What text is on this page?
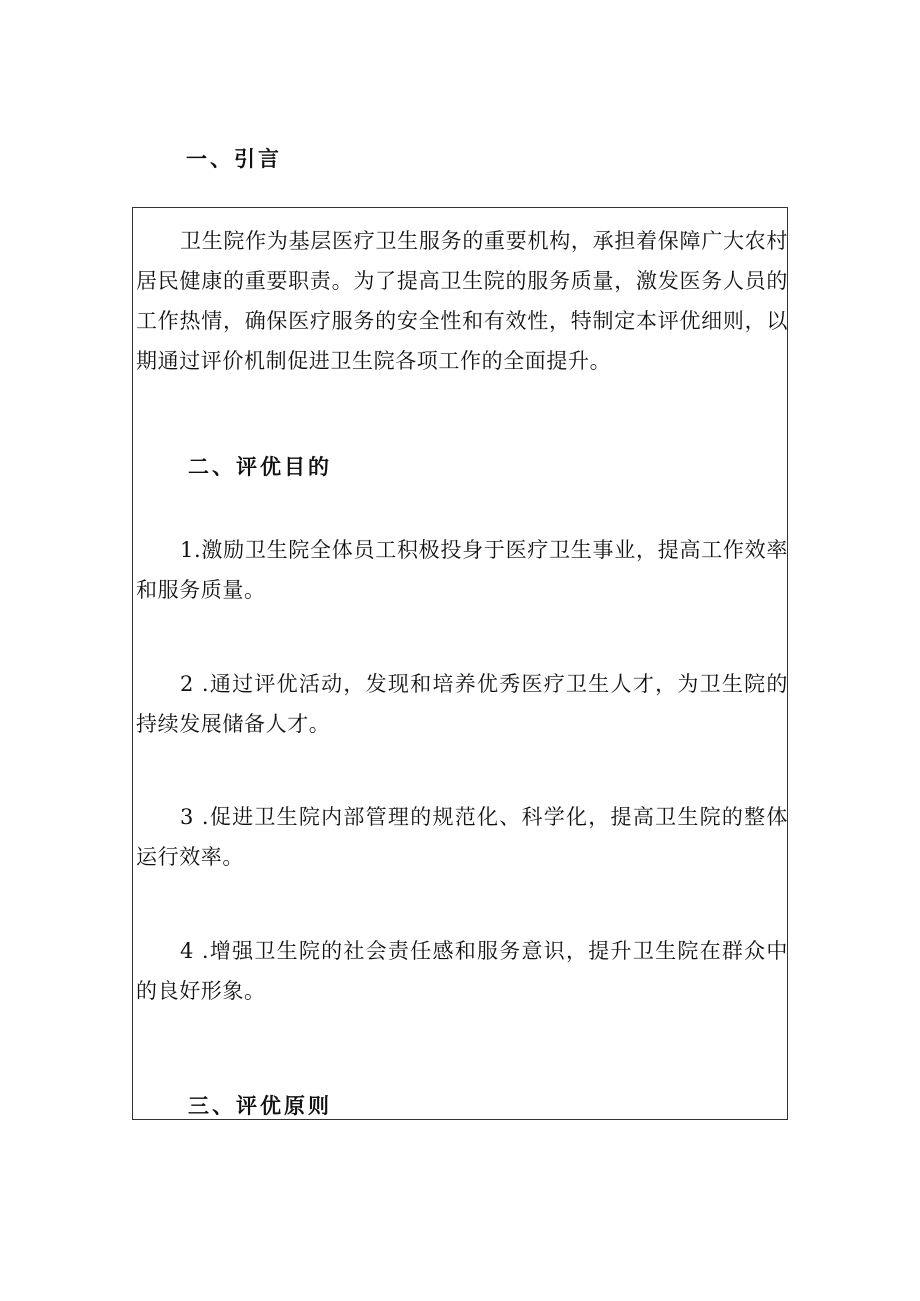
一、引言

卫生院作为基层医疗卫生服务的重要机构，承担着保障广大农村居民健康的重要职责。为了提高卫生院的服务质量，激发医务人员的工作热情，确保医疗服务的安全性和有效性，特制定本评优细则，以期通过评价机制促进卫生院各项工作的全面提升。

二、评优目的

1.激励卫生院全体员工积极投身于医疗卫生事业，提高工作效率和服务质量。

2 .通过评优活动，发现和培养优秀医疗卫生人才，为卫生院的持续发展储备人才。

3 .促进卫生院内部管理的规范化、科学化，提高卫生院的整体运行效率。

4 .增强卫生院的社会责任感和服务意识，提升卫生院在群众中的良好形象。

三、评优原则
